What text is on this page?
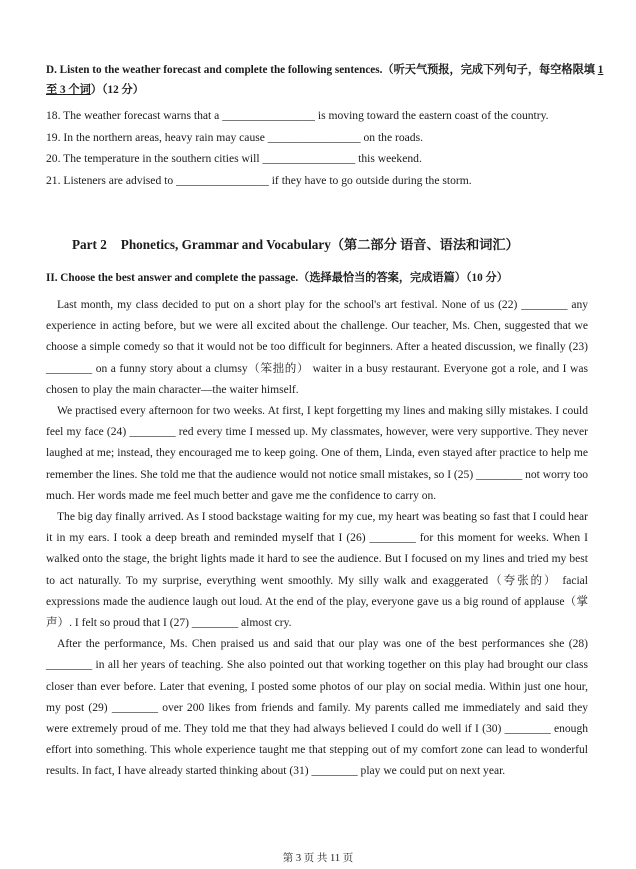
D. Listen to the weather forecast and complete the following sentences.（听天气预报，完成下列句子，每空格限填 1 至 3 个词）（12 分）
18. The weather forecast warns that a ________________ is moving toward the eastern coast of the country.
19. In the northern areas, heavy rain may cause ________________ on the roads.
20. The temperature in the southern cities will ________________ this weekend.
21. Listeners are advised to ________________ if they have to go outside during the storm.
Part 2 Phonetics, Grammar and Vocabulary（第二部分 语音、语法和词汇）
II. Choose the best answer and complete the passage.（选择最恰当的答案，完成语篇）（10 分）

Last month, my class decided to put on a short play for the school's art festival. None of us (22) ________ any experience in acting before, but we were all excited about the challenge. Our teacher, Ms. Chen, suggested that we choose a simple comedy so that it would not be too difficult for beginners. After a heated discussion, we finally (23) ________ on a funny story about a clumsy（笨拙的） waiter in a busy restaurant. Everyone got a role, and I was chosen to play the main character—the waiter himself.

We practised every afternoon for two weeks. At first, I kept forgetting my lines and making silly mistakes. I could feel my face (24) ________ red every time I messed up. My classmates, however, were very supportive. They never laughed at me; instead, they encouraged me to keep going. One of them, Linda, even stayed after practice to help me remember the lines. She told me that the audience would not notice small mistakes, so I (25) ________ not worry too much. Her words made me feel much better and gave me the confidence to carry on.

The big day finally arrived. As I stood backstage waiting for my cue, my heart was beating so fast that I could hear it in my ears. I took a deep breath and reminded myself that I (26) ________ for this moment for weeks. When I walked onto the stage, the bright lights made it hard to see the audience. But I focused on my lines and tried my best to act naturally. To my surprise, everything went smoothly. My silly walk and exaggerated（夸张的） facial expressions made the audience laugh out loud. At the end of the play, everyone gave us a big round of applause（掌声）. I felt so proud that I (27) ________ almost cry.

After the performance, Ms. Chen praised us and said that our play was one of the best performances she (28) ________ in all her years of teaching. She also pointed out that working together on this play had brought our class closer than ever before. Later that evening, I posted some photos of our play on social media. Within just one hour, my post (29) ________ over 200 likes from friends and family. My parents called me immediately and said they were extremely proud of me. They told me that they had always believed I could do well if I (30) ________ enough effort into something. This whole experience taught me that stepping out of my comfort zone can lead to wonderful results. In fact, I have already started thinking about (31) ________ play we could put on next year.

第 3 页 共 11 页
